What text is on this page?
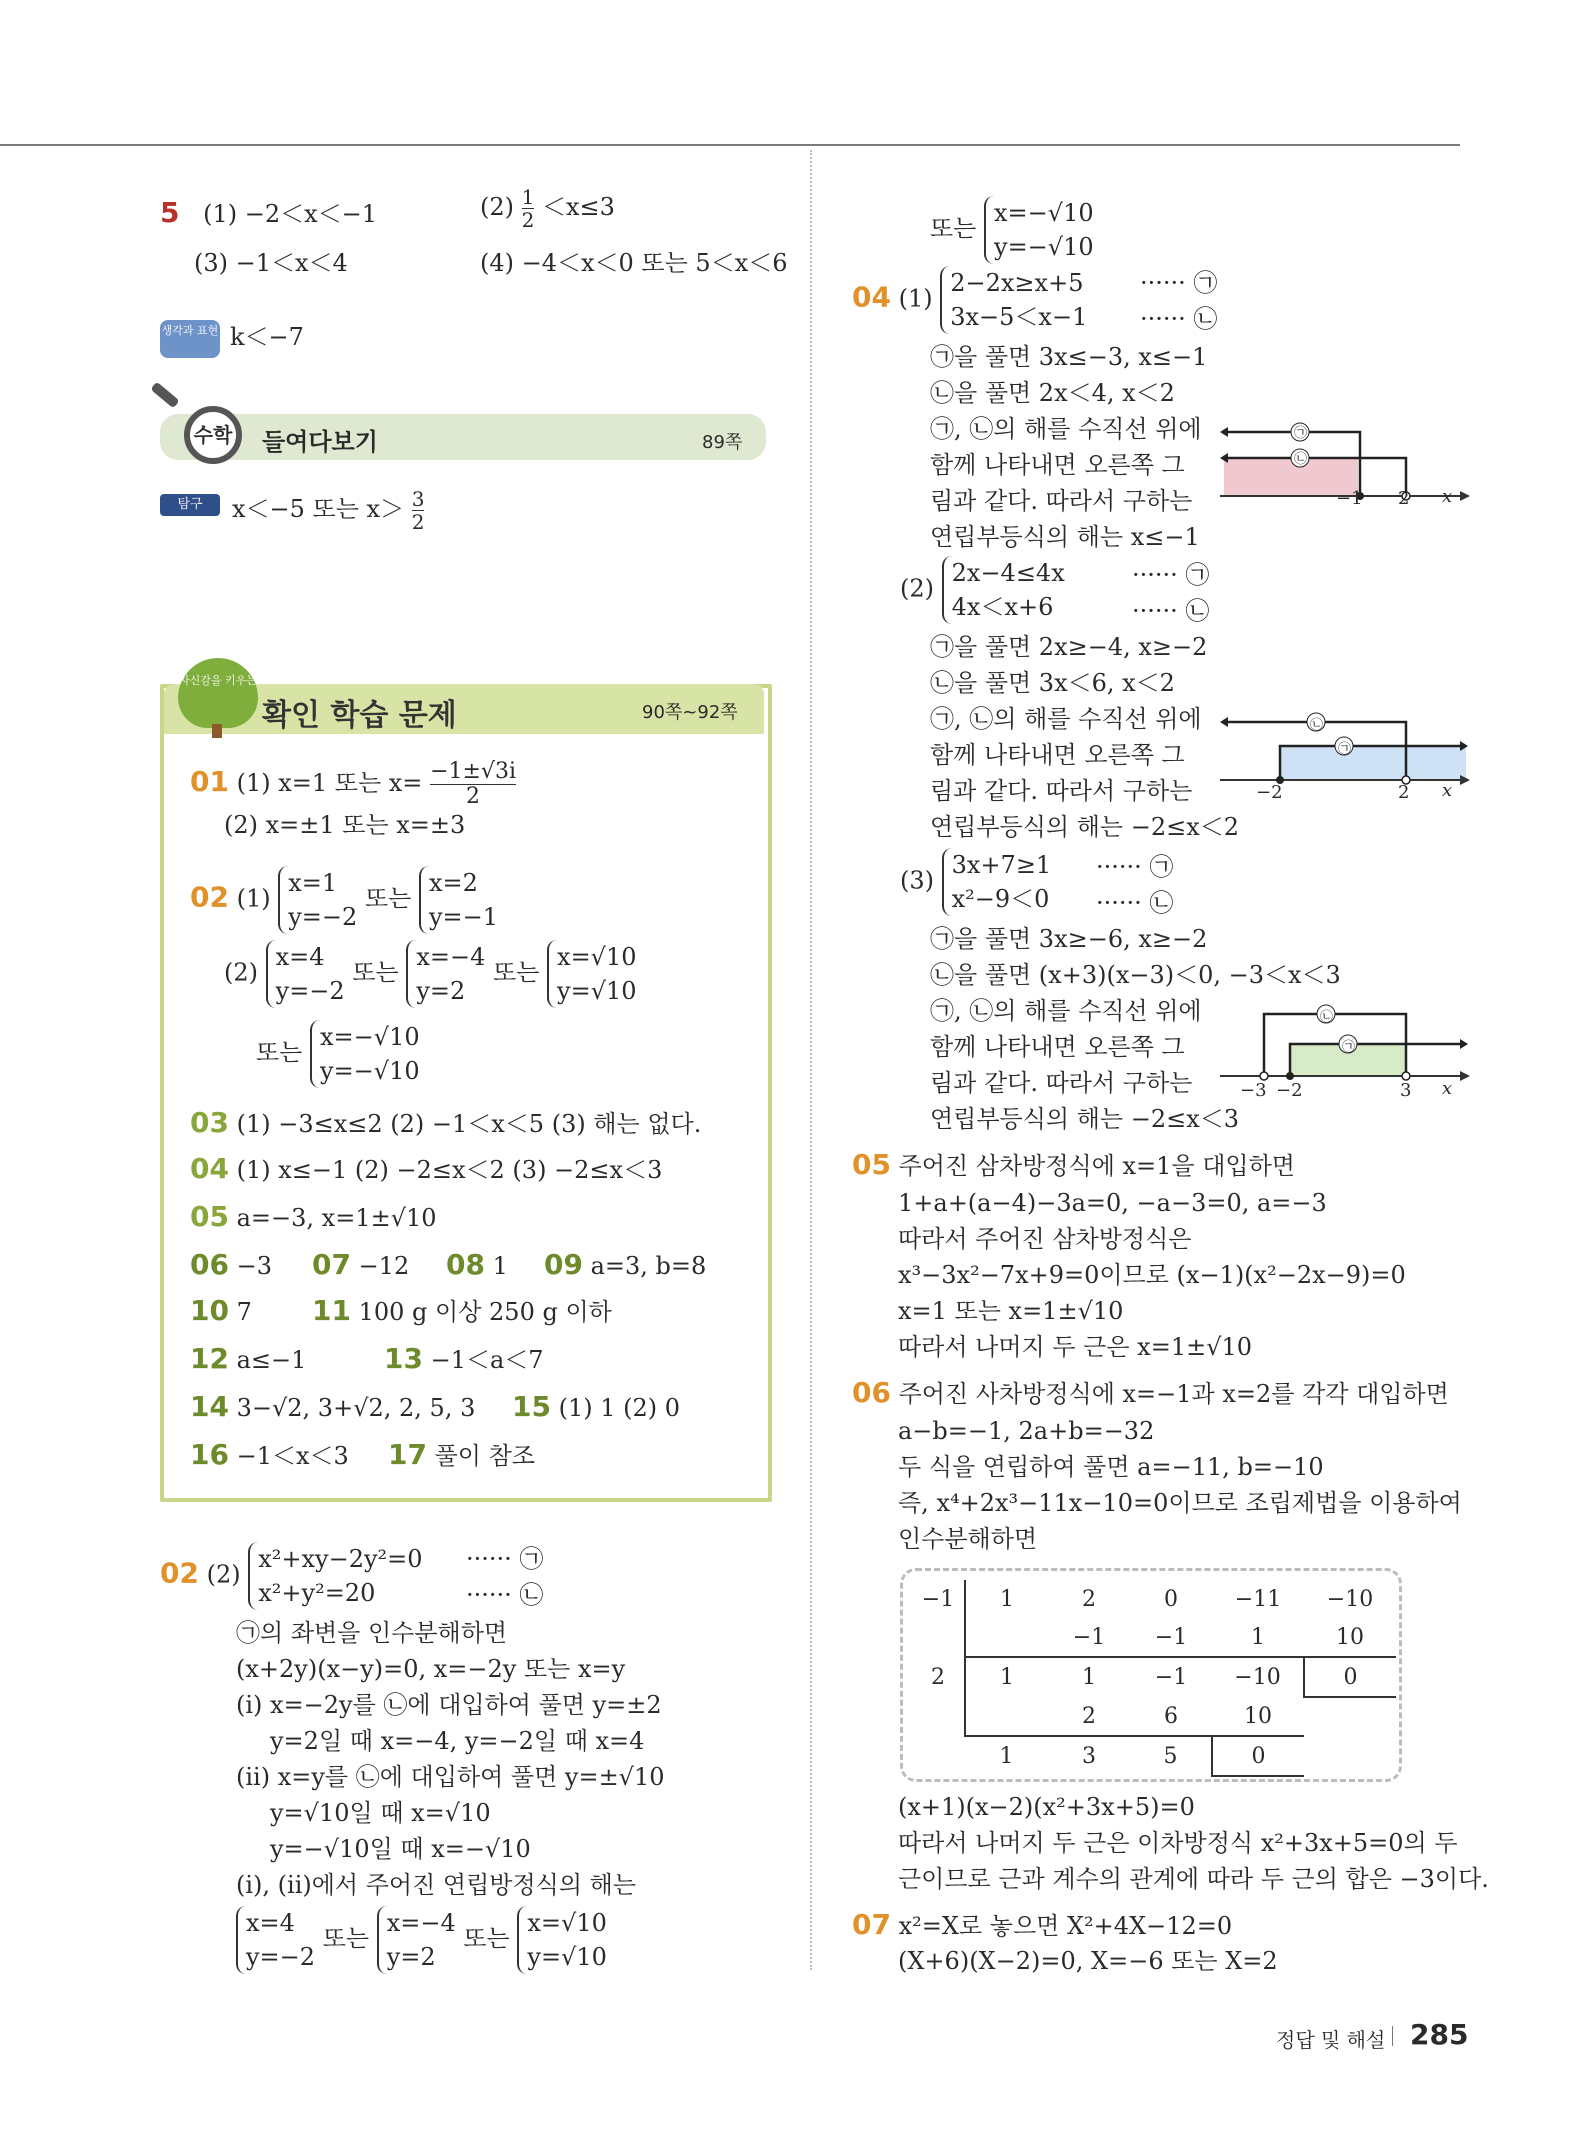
5 (1) −2＜x＜−1	$(2) \frac{1}{2} <x\le 3$
(3) −1＜x＜4	(4) −4＜x＜0 또는 5＜x＜6
생각과 표현 k＜−7
수학	들여다보기	89쪽
탐구	x＜−5 또는 $x> \frac{3}{2}$
자신감을 키우는
확인 학습 문제	90쪽~92쪽
01 (1) x=1 또는 $x= \frac{-1\pm√3i}{2}$
(2) x=±1 또는 x=±3
02 (1)
x=1
y=−2
또는
x=2
y=−1
(2)
x=4
y=−2
또는
x=−4
y=2
또는
x=√10
y=√10
또는
x=−√10
y=−√10
03 (1) −3≤x≤2 (2) −1＜x＜5 (3) 해는 없다.
04 (1) x≤−1 (2) −2≤x＜2 (3) −2≤x＜3
05 a=−3, x=1±√10
06 −3 07 −12 08 1 09 a=3, b=8
10 7 11 100 g 이상 250 g 이하
12 a≤−1	13 −1＜a＜7
14 3−√2, 3+√2, 2, 5, 3 15 (1) 1 (2) 0
16 −1＜x＜3 17 풀이 참조
02 (2)
x²+xy−2y²=0
x²+y²=20
······ ㉠
······ ㉡
㉠의 좌변을 인수분해하면
(x+2y)(x−y)=0, x=−2y 또는 x=y
(i) x=−2y를 ㉡에 대입하여 풀면 y=±2
y=2일 때 x=−4, y=−2일 때 x=4
(ii) x=y를 ㉡에 대입하여 풀면 y=±√10
y=√10일 때 x=√10
y=−√10일 때 x=−√10
(i), (ii)에서 주어진 연립방정식의 해는
x=4
y=−2
또는
x=−4
y=2
또는
x=√10
y=√10
또는
x=−√10
y=−√10
04 (1)
2−2x≥x+5
3x−5＜x−1
······ ㉠
······ ㉡
㉠을 풀면 3x≤−3, x≤−1
㉡을 풀면 2x＜4, x＜2
㉠, ㉡의 해를 수직선 위에
함께 나타내면 오른쪽 그
림과 같다. 따라서 구하는
연립부등식의 해는 x≤−1
㉠
㉡
−1 2 x
(2)
2x−4≤4x
4x＜x+6
······ ㉠
······ ㉡
㉠을 풀면 2x≥−4, x≥−2
㉡을 풀면 3x＜6, x＜2
㉠, ㉡의 해를 수직선 위에
함께 나타내면 오른쪽 그
림과 같다. 따라서 구하는
연립부등식의 해는 −2≤x＜2
㉡
㉠
−2	2 x
(3)
3x+7≥1
x²−9＜0
······ ㉠
······ ㉡
㉠을 풀면 3x≥−6, x≥−2
㉡을 풀면 (x+3)(x−3)＜0, −3＜x＜3
㉠, ㉡의 해를 수직선 위에
함께 나타내면 오른쪽 그
림과 같다. 따라서 구하는
연립부등식의 해는 −2≤x＜3
㉡
㉠
−3 −2	3 x
05 주어진 삼차방정식에 x=1을 대입하면
1+a+(a−4)−3a=0, −a−3=0, a=−3
따라서 주어진 삼차방정식은
x³−3x²−7x+9=0이므로 (x−1)(x²−2x−9)=0
x=1 또는 x=1±√10
따라서 나머지 두 근은 x=1±√10
06 주어진 사차방정식에 x=−1과 x=2를 각각 대입하면
a−b=−1, 2a+b=−32
두 식을 연립하여 풀면 a=−11, b=−10
즉, x⁴+2x³−11x−10=0이므로 조립제법을 이용하여
인수분해하면
−1	1	2	0	−11	−10
		−1	−1	1	10
2	1	1	−1	−10	0
		2	6	10	
	1	3	5	0	
(x+1)(x−2)(x²+3x+5)=0
따라서 나머지 두 근은 이차방정식 x²+3x+5=0의 두
근이므로 근과 계수의 관계에 따라 두 근의 합은 −3이다.
07 x²=X로 놓으면 X²+4X−12=0
(X+6)(X−2)=0, X=−6 또는 X=2
정답 및 해설 285
